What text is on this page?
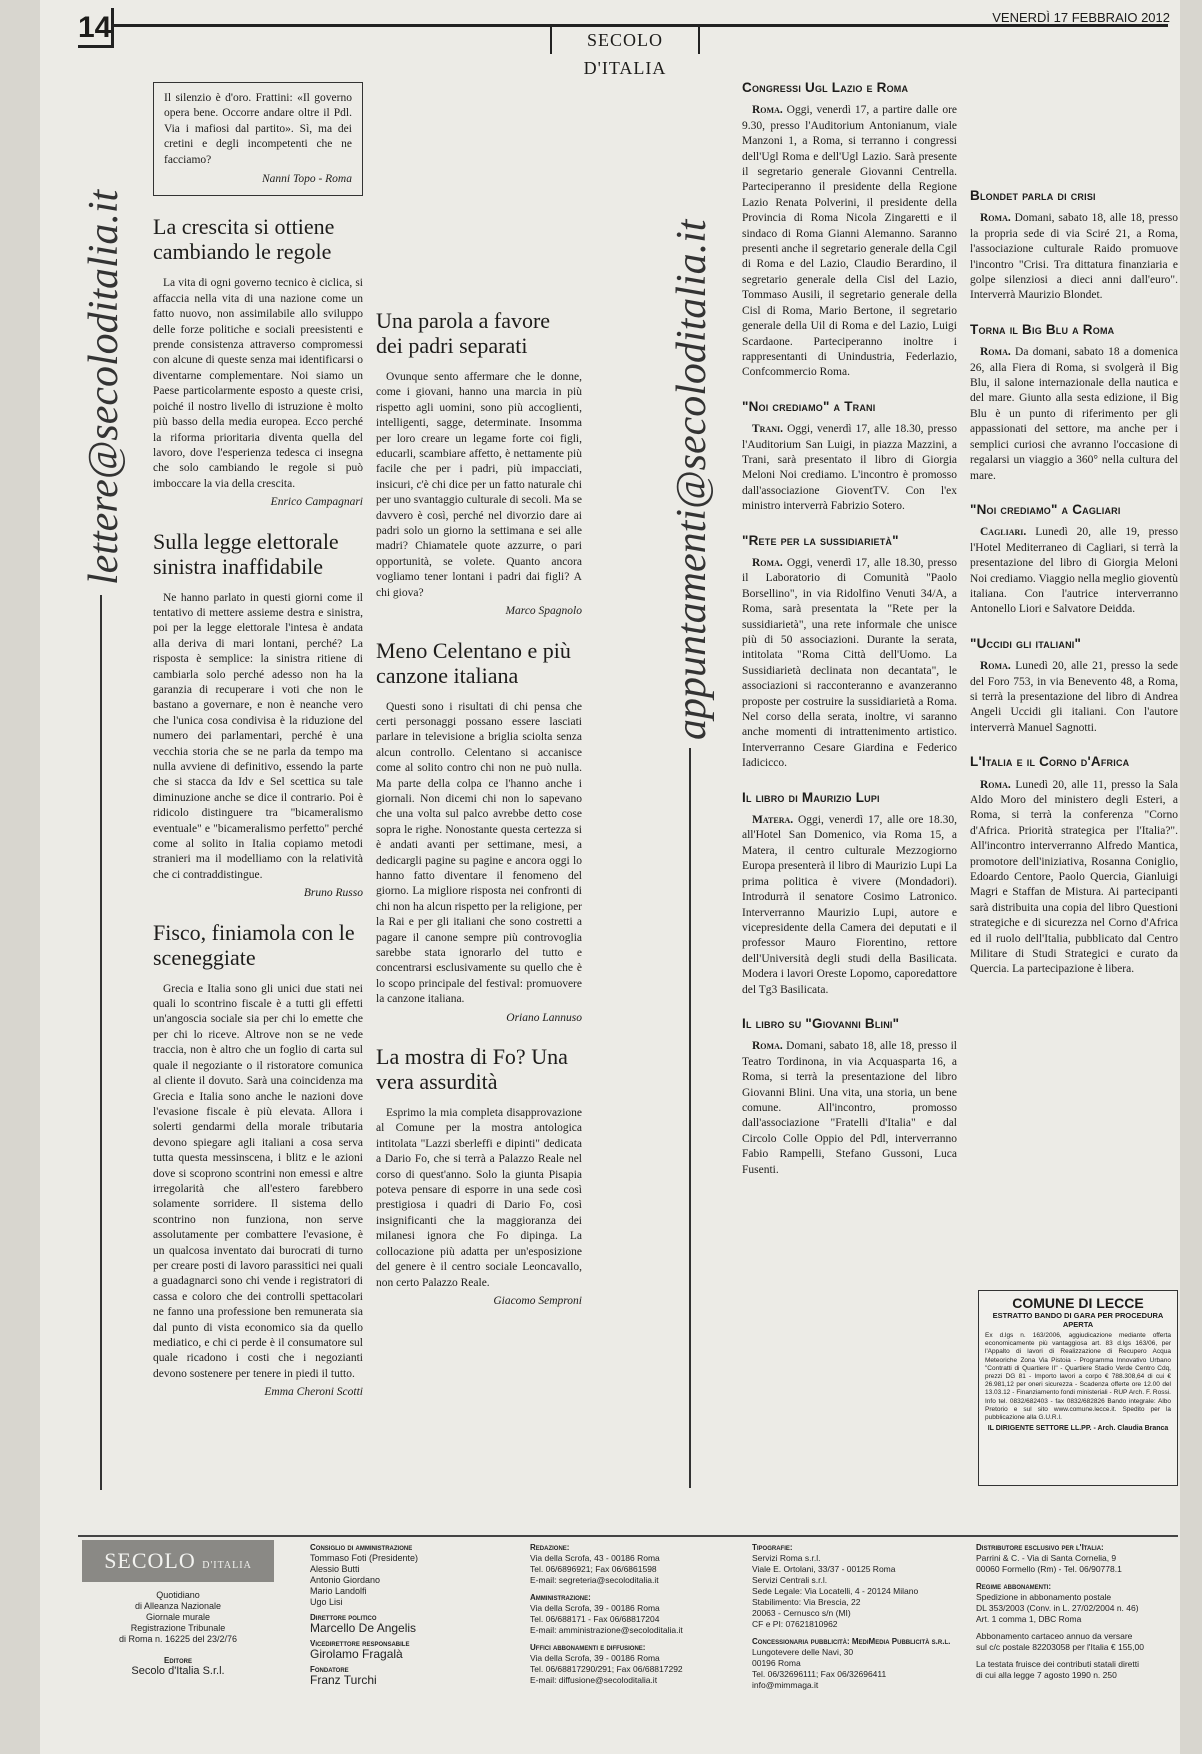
14	SECOLO D'ITALIA
VENERDÌ 17 FEBBRAIO 2012
lettere@secoloditalia.it	appuntamenti@secoloditalia.it

Il silenzio è d'oro. Frattini: «Il governo opera bene. Occorre andare oltre il Pdl. Via i mafiosi dal partito». Sì, ma dei cretini e degli incompetenti che ne facciamo?

Nanni Topo - Roma
La crescita si ottiene cambiando le regole

La vita di ogni governo tecnico è ciclica, si affaccia nella vita di una nazione come un fatto nuovo, non assimilabile allo sviluppo delle forze politiche e sociali preesistenti e prende consistenza attraverso compromessi con alcune di queste senza mai identificarsi o diventarne complementare. Noi siamo un Paese particolarmente esposto a queste crisi, poiché il nostro livello di istruzione è molto più basso della media europea. Ecco perché la riforma prioritaria diventa quella del lavoro, dove l'esperienza tedesca ci insegna che solo cambiando le regole si può imboccare la via della crescita.

Enrico Campagnari
Sulla legge elettorale sinistra inaffidabile

Ne hanno parlato in questi giorni come il tentativo di mettere assieme destra e sinistra, poi per la legge elettorale l'intesa è andata alla deriva di mari lontani, perché? La risposta è semplice: la sinistra ritiene di cambiarla solo perché adesso non ha la garanzia di recuperare i voti che non le bastano a governare, e non è neanche vero che l'unica cosa condivisa è la riduzione del numero dei parlamentari, perché è una vecchia storia che se ne parla da tempo ma nulla avviene di definitivo, essendo la parte che si stacca da Idv e Sel scettica su tale diminuzione anche se dice il contrario. Poi è ridicolo distinguere tra "bicameralismo eventuale" e "bicameralismo perfetto" perché come al solito in Italia copiamo metodi stranieri ma il modelliamo con la relatività che ci contraddistingue.

Bruno Russo
Fisco, finiamola con le sceneggiate

Grecia e Italia sono gli unici due stati nei quali lo scontrino fiscale è a tutti gli effetti un'angoscia sociale sia per chi lo emette che per chi lo riceve. Altrove non se ne vede traccia, non è altro che un foglio di carta sul quale il negoziante o il ristoratore comunica al cliente il dovuto. Sarà una coincidenza ma Grecia e Italia sono anche le nazioni dove l'evasione fiscale è più elevata. Allora i solerti gendarmi della morale tributaria devono spiegare agli italiani a cosa serva tutta questa messinscena, i blitz e le azioni dove si scoprono scontrini non emessi e altre irregolarità che all'estero farebbero solamente sorridere. Il sistema dello scontrino non funziona, non serve assolutamente per combattere l'evasione, è un qualcosa inventato dai burocrati di turno per creare posti di lavoro parassitici nei quali a guadagnarci sono chi vende i registratori di cassa e coloro che dei controlli spettacolari ne fanno una professione ben remunerata sia dal punto di vista economico sia da quello mediatico, e chi ci perde è il consumatore sul quale ricadono i costi che i negozianti devono sostenere per tenere in piedi il tutto.

Emma Cheroni Scotti
Una parola a favore dei padri separati

Ovunque sento affermare che le donne, come i giovani, hanno una marcia in più rispetto agli uomini, sono più accoglienti, intelligenti, sagge, determinate. Insomma per loro creare un legame forte coi figli, educarli, scambiare affetto, è nettamente più facile che per i padri, più impacciati, insicuri, c'è chi dice per un fatto naturale chi per uno svantaggio culturale di secoli. Ma se davvero è così, perché nel divorzio dare ai padri solo un giorno la settimana e sei alle madri? Chiamatele quote azzurre, o pari opportunità, se volete. Quanto ancora vogliamo tener lontani i padri dai figli? A chi giova?

Marco Spagnolo
Meno Celentano e più canzone italiana

Questi sono i risultati di chi pensa che certi personaggi possano essere lasciati parlare in televisione a briglia sciolta senza alcun controllo. Celentano si accanisce come al solito contro chi non ne può nulla. Ma parte della colpa ce l'hanno anche i giornali. Non dicemi chi non lo sapevano che una volta sul palco avrebbe detto cose sopra le righe. Nonostante questa certezza si è andati avanti per settimane, mesi, a dedicargli pagine su pagine e ancora oggi lo hanno fatto diventare il fenomeno del giorno. La migliore risposta nei confronti di chi non ha alcun rispetto per la religione, per la Rai e per gli italiani che sono costretti a pagare il canone sempre più controvoglia sarebbe stata ignorarlo del tutto e concentrarsi esclusivamente su quello che è lo scopo principale del festival: promuovere la canzone italiana.

Oriano Lannuso
La mostra di Fo? Una vera assurdità

Esprimo la mia completa disapprovazione al Comune per la mostra antologica intitolata "Lazzi sberleffi e dipinti" dedicata a Dario Fo, che si terrà a Palazzo Reale nel corso di quest'anno. Solo la giunta Pisapia poteva pensare di esporre in una sede così prestigiosa i quadri di Dario Fo, così insignificanti che la maggioranza dei milanesi ignora che Fo dipinga. La collocazione più adatta per un'esposizione del genere è il centro sociale Leoncavallo, non certo Palazzo Reale.

Giacomo Semproni
Congressi Ugl Lazio e Roma

Roma. Oggi, venerdì 17, a partire dalle ore 9.30, presso l'Auditorium Antonianum, viale Manzoni 1, a Roma, si terranno i congressi dell'Ugl Roma e dell'Ugl Lazio. Sarà presente il segretario generale Giovanni Centrella. Parteciperanno il presidente della Regione Lazio Renata Polverini, il presidente della Provincia di Roma Nicola Zingaretti e il sindaco di Roma Gianni Alemanno. Saranno presenti anche il segretario generale della Cgil di Roma e del Lazio, Claudio Berardino, il segretario generale della Cisl del Lazio, Tommaso Ausili, il segretario generale della Cisl di Roma, Mario Bertone, il segretario generale della Uil di Roma e del Lazio, Luigi Scardaone. Parteciperanno inoltre i rappresentanti di Unindustria, Federlazio, Confcommercio Roma.

"Noi crediamo" a Trani

Trani. Oggi, venerdì 17, alle 18.30, presso l'Auditorium San Luigi, in piazza Mazzini, a Trani, sarà presentato il libro di Giorgia Meloni Noi crediamo. L'incontro è promosso dall'associazione GioventTV. Con l'ex ministro interverrà Fabrizio Sotero.

"Rete per la sussidiarietà"

Roma. Oggi, venerdì 17, alle 18.30, presso il Laboratorio di Comunità "Paolo Borsellino", in via Ridolfino Venuti 34/A, a Roma, sarà presentata la "Rete per la sussidiarietà", una rete informale che unisce più di 50 associazioni. Durante la serata, intitolata "Roma Città dell'Uomo. La Sussidiarietà declinata non decantata", le associazioni si racconteranno e avanzeranno proposte per costruire la sussidiarietà a Roma. Nel corso della serata, inoltre, vi saranno anche momenti di intrattenimento artistico. Interverranno Cesare Giardina e Federico Iadicicco.

Il libro di Maurizio Lupi

Matera. Oggi, venerdì 17, alle ore 18.30, all'Hotel San Domenico, via Roma 15, a Matera, il centro culturale Mezzogiorno Europa presenterà il libro di Maurizio Lupi La prima politica è vivere (Mondadori). Introdurrà il senatore Cosimo Latronico. Interverranno Maurizio Lupi, autore e vicepresidente della Camera dei deputati e il professor Mauro Fiorentino, rettore dell'Università degli studi della Basilicata. Modera i lavori Oreste Lopomo, caporedattore del Tg3 Basilicata.

Il libro su "Giovanni Blini"

Roma. Domani, sabato 18, alle 18, presso il Teatro Tordinona, in via Acquasparta 16, a Roma, si terrà la presentazione del libro Giovanni Blini. Una vita, una storia, un bene comune. All'incontro, promosso dall'associazione "Fratelli d'Italia" e dal Circolo Colle Oppio del Pdl, interverranno Fabio Rampelli, Stefano Gussoni, Luca Fusenti.

Blondet parla di crisi

Roma. Domani, sabato 18, alle 18, presso la propria sede di via Sciré 21, a Roma, l'associazione culturale Raido promuove l'incontro "Crisi. Tra dittatura finanziaria e golpe silenziosi a dieci anni dall'euro". Interverrà Maurizio Blondet.

Torna il Big Blu a Roma

Roma. Da domani, sabato 18 a domenica 26, alla Fiera di Roma, si svolgerà il Big Blu, il salone internazionale della nautica e del mare. Giunto alla sesta edizione, il Big Blu è un punto di riferimento per gli appassionati del settore, ma anche per i semplici curiosi che avranno l'occasione di regalarsi un viaggio a 360° nella cultura del mare.

"Noi crediamo" a Cagliari

Cagliari. Lunedì 20, alle 19, presso l'Hotel Mediterraneo di Cagliari, si terrà la presentazione del libro di Giorgia Meloni Noi crediamo. Viaggio nella meglio gioventù italiana. Con l'autrice interverranno Antonello Liori e Salvatore Deidda.

"Uccidi gli italiani"

Roma. Lunedì 20, alle 21, presso la sede del Foro 753, in via Benevento 48, a Roma, si terrà la presentazione del libro di Andrea Angeli Uccidi gli italiani. Con l'autore interverrà Manuel Sagnotti.

L'Italia e il Corno d'Africa

Roma. Lunedì 20, alle 11, presso la Sala Aldo Moro del ministero degli Esteri, a Roma, si terrà la conferenza "Corno d'Africa. Priorità strategica per l'Italia?". All'incontro interverranno Alfredo Mantica, promotore dell'iniziativa, Rosanna Coniglio, Edoardo Centore, Paolo Quercia, Gianluigi Magri e Staffan de Mistura. Ai partecipanti sarà distribuita una copia del libro Questioni strategiche e di sicurezza nel Corno d'Africa ed il ruolo dell'Italia, pubblicato dal Centro Militare di Studi Strategici e curato da Quercia. La partecipazione è libera.

COMUNE DI LECCE
ESTRATTO BANDO DI GARA PER PROCEDURA APERTA
Ex d.lgs n. 163/2006, aggiudicazione mediante offerta economicamente più vantaggiosa art. 83 d.lgs 163/06, per l'Appalto di lavori di Realizzazione di Recupero Acqua Meteoriche Zona Via Pistoia - Programma Innovativo Urbano "Contratti di Quartiere II" - Quartiere Stadio Verde Centro Cdq, prezzi DG 81 - Importo lavori a corpo € 788.308,64 di cui € 26.981,12 per oneri sicurezza - Scadenza offerte ore 12.00 del 13.03.12 - Finanziamento fondi ministeriali - RUP Arch. F. Rossi. Info tel. 0832/682403 - fax 0832/682826 Bando integrale: Albo Pretorio e sul sito www.comune.lecce.it. Spedito per la pubblicazione alla G.U.R.I.
IL DIRIGENTE SETTORE LL.PP. - Arch. Claudia Branca
SECOLO D'ITALIA
Quotidiano
di Alleanza Nazionale
Giornale murale
Registrazione Tribunale
di Roma n. 16225 del 23/2/76
Editore
Secolo d'Italia S.r.l.
Consiglio di amministrazione
Tommaso Foti (Presidente)
Alessio Butti
Antonio Giordano
Mario Landolfi
Ugo Lisi
Direttore politico
Marcello De Angelis
Vicedirettore responsabile
Girolamo Fragalà
Fondatore
Franz Turchi
Redazione:
Via della Scrofa, 43 - 00186 Roma
Tel. 06/6896921; Fax 06/6861598
E-mail: segreteria@secoloditalia.it
Amministrazione:
Via della Scrofa, 39 - 00186 Roma
Tel. 06/688171 - Fax 06/68817204
E-mail: amministrazione@secoloditalia.it
Uffici abbonamenti e diffusione:
Via della Scrofa, 39 - 00186 Roma
Tel. 06/68817290/291; Fax 06/68817292
E-mail: diffusione@secoloditalia.it
Tipografie:
Servizi Roma s.r.l.
Viale E. Ortolani, 33/37 - 00125 Roma
Servizi Centrali s.r.l.
Sede Legale: Via Locatelli, 4 - 20124 Milano
Stabilimento: Via Brescia, 22
20063 - Cernusco s/n (MI)
CF e PI: 07621810962
Concessionaria pubblicità: MediMedia Pubblicità s.r.l.
Lungotevere delle Navi, 30
00196 Roma
Tel. 06/32696111; Fax 06/32696411
info@mimmaga.it
Distributore esclusivo per l'Italia:
Parrini & C. - Via di Santa Cornelia, 9
00060 Formello (Rm) - Tel. 06/90778.1
Regime abbonamenti:
Spedizione in abbonamento postale
DL 353/2003 (Conv. in L. 27/02/2004 n. 46)
Art. 1 comma 1, DBC Roma
Abbonamento cartaceo annuo da versare
sul c/c postale 82203058 per l'Italia € 155,00
La testata fruisce dei contributi statali diretti
di cui alla legge 7 agosto 1990 n. 250
